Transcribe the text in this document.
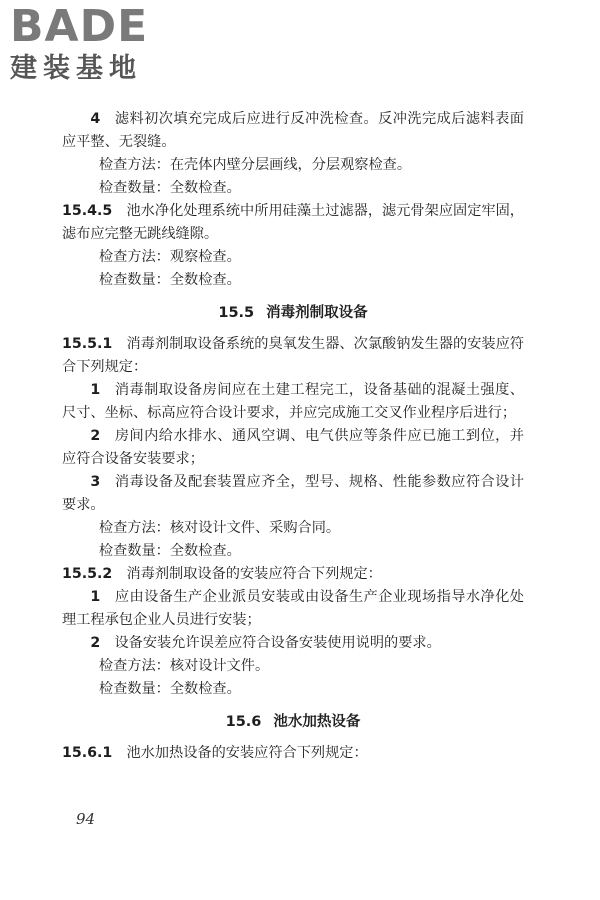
BADE
建装基地
4  滤料初次填充完成后应进行反冲洗检查。反冲洗完成后滤料表面应平整、无裂缝。
检查方法：在壳体内壁分层画线，分层观察检查。
检查数量：全数检查。
15.4.5  池水净化处理系统中所用硅藻土过滤器，滤元骨架应固定牢固，滤布应完整无跳线缝隙。
检查方法：观察检查。
检查数量：全数检查。
15.5 消毒剂制取设备
15.5.1  消毒剂制取设备系统的臭氧发生器、次氯酸钠发生器的安装应符合下列规定：
1  消毒制取设备房间应在土建工程完工，设备基础的混凝土强度、尺寸、坐标、标高应符合设计要求，并应完成施工交叉作业程序后进行；
2  房间内给水排水、通风空调、电气供应等条件应已施工到位，并应符合设备安装要求；
3  消毒设备及配套装置应齐全，型号、规格、性能参数应符合设计要求。
检查方法：核对设计文件、采购合同。
检查数量：全数检查。
15.5.2  消毒剂制取设备的安装应符合下列规定：
1  应由设备生产企业派员安装或由设备生产企业现场指导水净化处理工程承包企业人员进行安装；
2  设备安装允许误差应符合设备安装使用说明的要求。
检查方法：核对设计文件。
检查数量：全数检查。
15.6 池水加热设备
15.6.1  池水加热设备的安装应符合下列规定：
94
